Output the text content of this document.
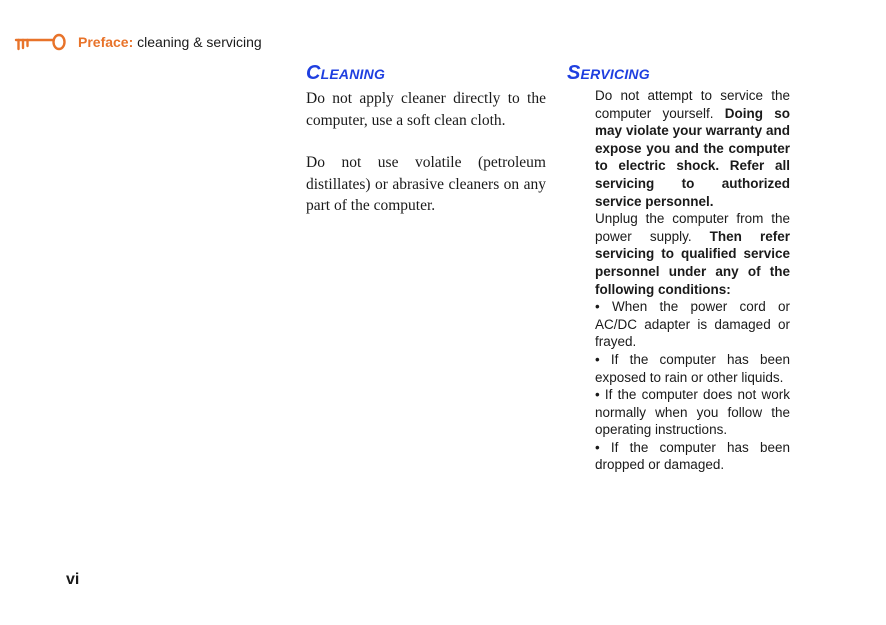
Preface: cleaning & servicing
Cleaning

Do not apply cleaner directly to the computer, use a soft clean cloth.

Do not use volatile (petroleum distillates) or abrasive cleaners on any part of the computer.

Servicing

Do not attempt to service the computer yourself. Doing so may violate your warranty and expose you and the computer to electric shock. Refer all servicing to authorized service personnel.

Unplug the computer from the power supply. Then refer servicing to qualified service personnel under any of the following conditions:

• When the power cord or AC/DC adapter is damaged or frayed.

• If the computer has been exposed to rain or other liquids.

• If the computer does not work normally when you follow the operating instructions.

• If the computer has been dropped or damaged.

vi
